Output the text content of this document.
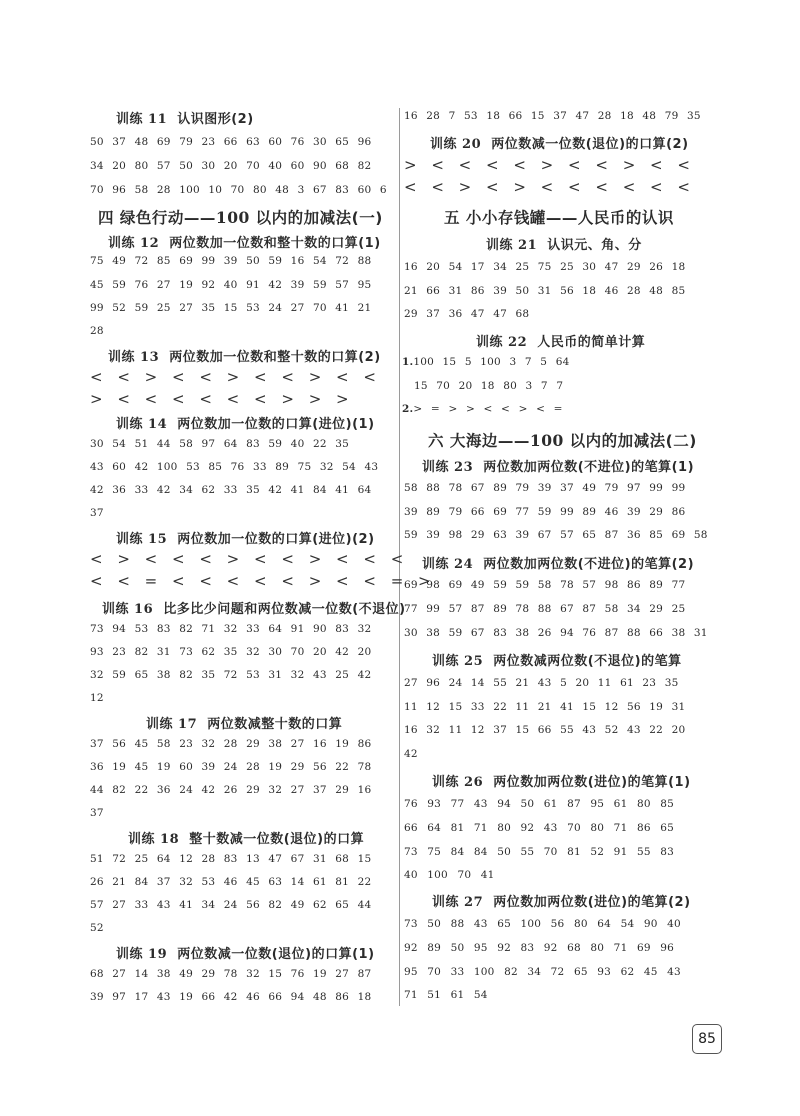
训练 11 认识图形(2)
50 37 48 69 79 23 66 63 60 76 30 65 96
34 20 80 57 50 30 20 70 40 60 90 68 82
70 96 58 28 100 10 70 80 48 3 67 83 60 6
四 绿色行动——100 以内的加减法(一)
训练 12 两位数加一位数和整十数的口算(1)
75 49 72 85 69 99 39 50 59 16 54 72 88
45 59 76 27 19 92 40 91 42 39 59 57 95
99 52 59 25 27 35 15 53 24 27 70 41 21
28
训练 13 两位数加一位数和整十数的口算(2)
< < > < < > < < > < <
> < < < < < < > > >
训练 14 两位数加一位数的口算(进位)(1)
30 54 51 44 58 97 64 83 59 40 22 35
43 60 42 100 53 85 76 33 89 75 32 54 43
42 36 33 42 34 62 33 35 42 41 84 41 64
37
训练 15 两位数加一位数的口算(进位)(2)
< > < < < > < < > < < <
< < = < < < < < > < < = >
训练 16 比多比少问题和两位数减一位数(不退位)
73 94 53 83 82 71 32 33 64 91 90 83 32
93 23 82 31 73 62 35 32 30 70 20 42 20
32 59 65 38 82 35 72 53 31 32 43 25 42
12
训练 17 两位数减整十数的口算
37 56 45 58 23 32 28 29 38 27 16 19 86
36 19 45 19 60 39 24 28 19 29 56 22 78
44 82 22 36 24 42 26 29 32 27 37 29 16
37
训练 18 整十数减一位数(退位)的口算
51 72 25 64 12 28 83 13 47 67 31 68 15
26 21 84 37 32 53 46 45 63 14 61 81 22
57 27 33 43 41 34 24 56 82 49 62 65 44
52
训练 19 两位数减一位数(退位)的口算(1)
68 27 14 38 49 29 78 32 15 76 19 27 87
39 97 17 43 19 66 42 46 66 94 48 86 18
16 28 7 53 18 66 15 37 47 28 18 48 79 35
训练 20 两位数减一位数(退位)的口算(2)
> < < < < > < < > < <
< < > < > < < < < < <
五 小小存钱罐——人民币的认识
训练 21 认识元、角、分
16 20 54 17 34 25 75 25 30 47 29 26 18
21 66 31 86 39 50 31 56 18 46 28 48 85
29 37 36 47 47 68
训练 22 人民币的简单计算
1.100 15 5 100 3 7 5 64
15 70 20 18 80 3 7 7
2.> = > > < < > < =
六 大海边——100 以内的加减法(二)
训练 23 两位数加两位数(不进位)的笔算(1)
58 88 78 67 89 79 39 37 49 79 97 99 99
39 89 79 66 69 77 59 99 89 46 39 29 86
59 39 98 29 63 39 67 57 65 87 36 85 69 58
训练 24 两位数加两位数(不进位)的笔算(2)
69 98 69 49 59 59 58 78 57 98 86 89 77
77 99 57 87 89 78 88 67 87 58 34 29 25
30 38 59 67 83 38 26 94 76 87 88 66 38 31
训练 25 两位数减两位数(不退位)的笔算
27 96 24 14 55 21 43 5 20 11 61 23 35
11 12 15 33 22 11 21 41 15 12 56 19 31
16 32 11 12 37 15 66 55 43 52 43 22 20
42
训练 26 两位数加两位数(进位)的笔算(1)
76 93 77 43 94 50 61 87 95 61 80 85
66 64 81 71 80 92 43 70 80 71 86 65
73 75 84 84 50 55 70 81 52 91 55 83
40 100 70 41
训练 27 两位数加两位数(进位)的笔算(2)
73 50 88 43 65 100 56 80 64 54 90 40
92 89 50 95 92 83 92 68 80 71 69 96
95 70 33 100 82 34 72 65 93 62 45 43
71 51 61 54
85
